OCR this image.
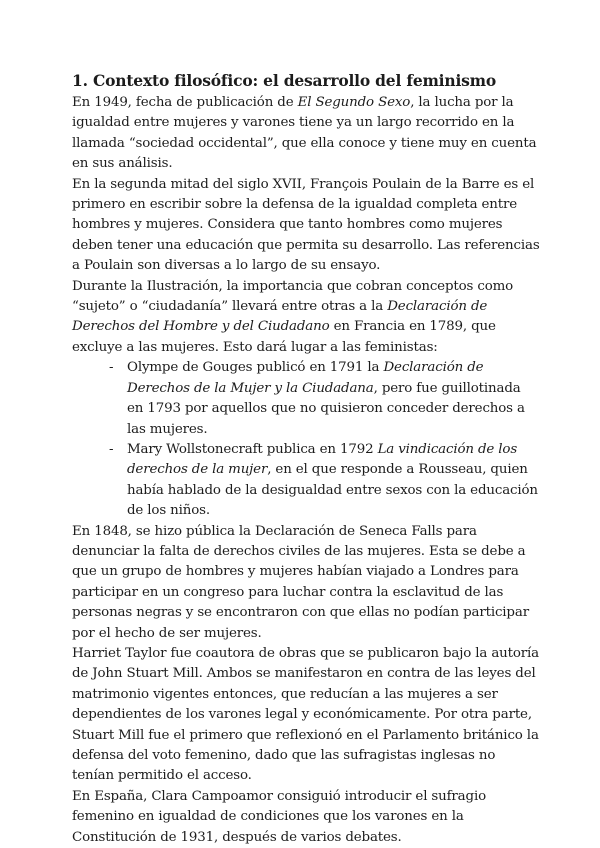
1. Contexto filosófico: el desarrollo del feminismo

En 1949, fecha de publicación de El Segundo Sexo, la lucha por la igualdad entre mujeres y varones tiene ya un largo recorrido en la llamada “sociedad occidental”, que ella conoce y tiene muy en cuenta en sus análisis.

En la segunda mitad del siglo XVII, François Poulain de la Barre es el primero en escribir sobre la defensa de la igualdad completa entre hombres y mujeres. Considera que tanto hombres como mujeres deben tener una educación que permita su desarrollo. Las referencias a Poulain son diversas a lo largo de su ensayo.

Durante la Ilustración, la importancia que cobran conceptos como “sujeto” o “ciudadanía” llevará entre otras a la Declaración de Derechos del Hombre y del Ciudadano en Francia en 1789, que excluye a las mujeres. Esto dará lugar a las feministas:

- Olympe de Gouges publicó en 1791 la Declaración de Derechos de la Mujer y la Ciudadana, pero fue guillotinada en 1793 por aquellos que no quisieron conceder derechos a las mujeres.
- Mary Wollstonecraft publica en 1792 La vindicación de los derechos de la mujer, en el que responde a Rousseau, quien había hablado de la desigualdad entre sexos con la educación de los niños.

En 1848, se hizo pública la Declaración de Seneca Falls para denunciar la falta de derechos civiles de las mujeres. Esta se debe a que un grupo de hombres y mujeres habían viajado a Londres para participar en un congreso para luchar contra la esclavitud de las personas negras y se encontraron con que ellas no podían participar por el hecho de ser mujeres.

Harriet Taylor fue coautora de obras que se publicaron bajo la autoría de John Stuart Mill. Ambos se manifestaron en contra de las leyes del matrimonio vigentes entonces, que reducían a las mujeres a ser dependientes de los varones legal y económicamente. Por otra parte, Stuart Mill fue el primero que reflexionó en el Parlamento británico la defensa del voto femenino, dado que las sufragistas inglesas no tenían permitido el acceso.

En España, Clara Campoamor consiguió introducir el sufragio femenino en igualdad de condiciones que los varones en la Constitución de 1931, después de varios debates.
